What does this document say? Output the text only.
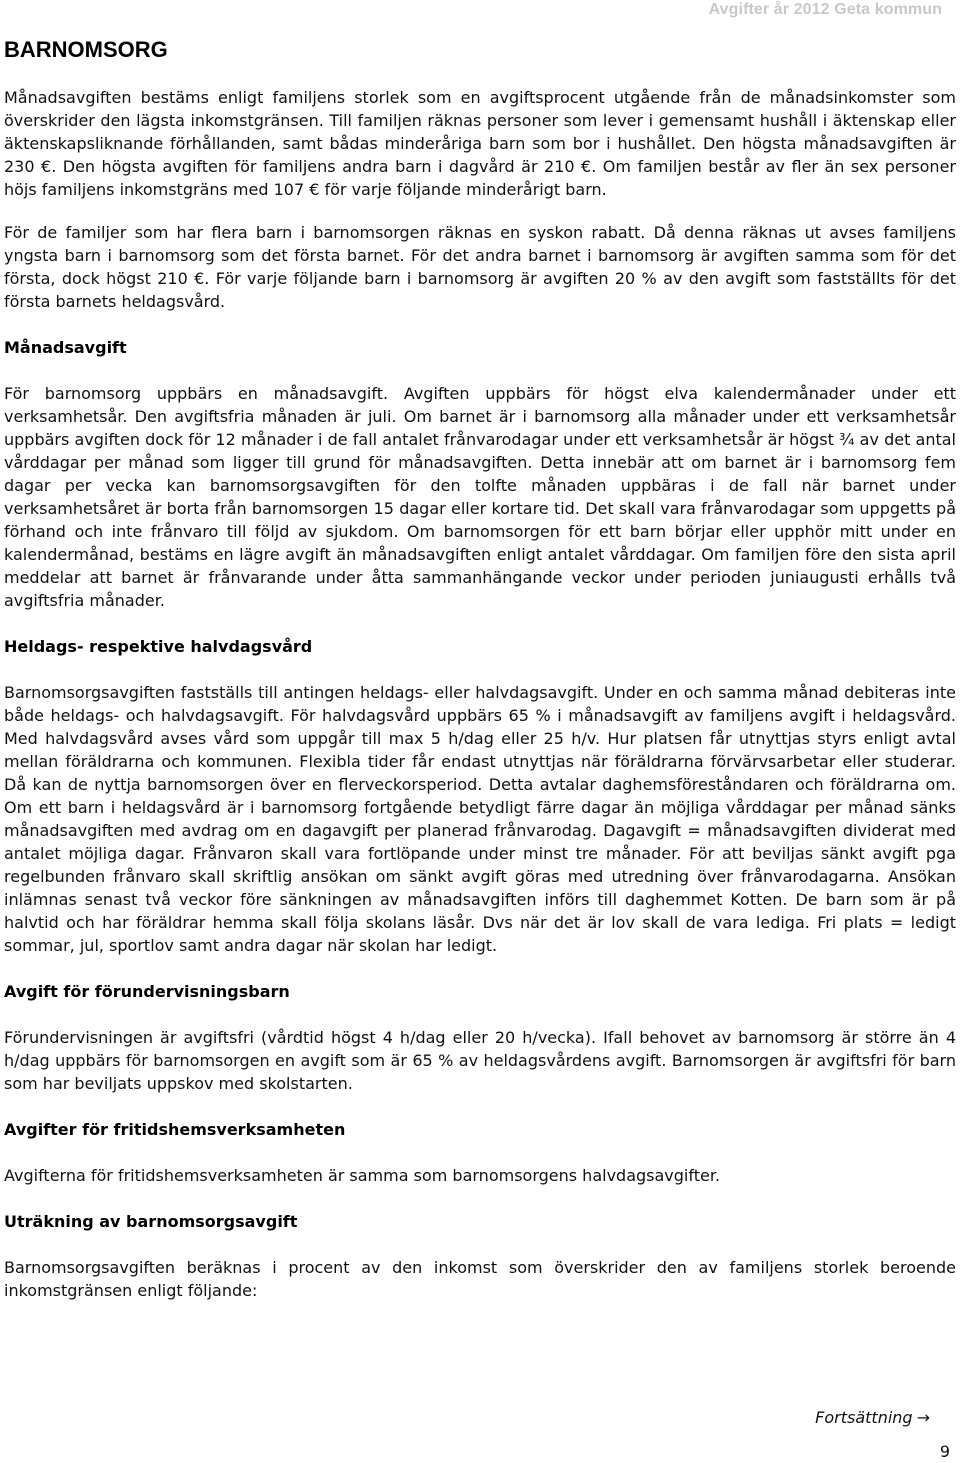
Avgifter år 2012 Geta kommun
BARNOMSORG

Månadsavgiften bestäms enligt familjens storlek som en avgiftsprocent utgående från de månadsinkomster som överskrider den lägsta inkomstgränsen. Till familjen räknas personer som lever i gemensamt hushåll i äktenskap eller äktenskapsliknande förhållanden, samt bådas minderåriga barn som bor i hushållet. Den högsta månadsavgiften är 230 €. Den högsta avgiften för familjens andra barn i dagvård är 210 €. Om familjen består av fler än sex personer höjs familjens inkomstgräns med 107 € för varje följande minderårigt barn.

För de familjer som har flera barn i barnomsorgen räknas en syskon rabatt. Då denna räknas ut avses familjens yngsta barn i barnomsorg som det första barnet. För det andra barnet i barnomsorg är avgiften samma som för det första, dock högst 210 €. För varje följande barn i barnomsorg är avgiften 20 % av den avgift som fastställts för det första barnets heldagsvård.

Månadsavgift

För barnomsorg uppbärs en månadsavgift. Avgiften uppbärs för högst elva kalendermånader under ett verksamhetsår. Den avgiftsfria månaden är juli. Om barnet är i barnomsorg alla månader under ett verksamhetsår uppbärs avgiften dock för 12 månader i de fall antalet frånvarodagar under ett verksamhetsår är högst ¾ av det antal vårddagar per månad som ligger till grund för månadsavgiften. Detta innebär att om barnet är i barnomsorg fem dagar per vecka kan barnomsorgsavgiften för den tolfte månaden uppbäras i de fall när barnet under verksamhetsåret är borta från barnomsorgen 15 dagar eller kortare tid. Det skall vara frånvarodagar som uppgetts på förhand och inte frånvaro till följd av sjukdom. Om barnomsorgen för ett barn börjar eller upphör mitt under en kalendermånad, bestäms en lägre avgift än månadsavgiften enligt antalet vårddagar. Om familjen före den sista april meddelar att barnet är frånvarande under åtta sammanhängande veckor under perioden juniaugusti erhålls två avgiftsfria månader.

Heldags- respektive halvdagsvård

Barnomsorgsavgiften fastställs till antingen heldags- eller halvdagsavgift. Under en och samma månad debiteras inte både heldags- och halvdagsavgift. För halvdagsvård uppbärs 65 % i månadsavgift av familjens avgift i heldagsvård. Med halvdagsvård avses vård som uppgår till max 5 h/dag eller 25 h/v. Hur platsen får utnyttjas styrs enligt avtal mellan föräldrarna och kommunen. Flexibla tider får endast utnyttjas när föräldrarna förvärvsarbetar eller studerar. Då kan de nyttja barnomsorgen över en flerveckorsperiod. Detta avtalar daghemsföreståndaren och föräldrarna om. Om ett barn i heldagsvård är i barnomsorg fortgående betydligt färre dagar än möjliga vårddagar per månad sänks månadsavgiften med avdrag om en dagavgift per planerad frånvarodag. Dagavgift = månadsavgiften dividerat med antalet möjliga dagar. Frånvaron skall vara fortlöpande under minst tre månader. För att beviljas sänkt avgift pga regelbunden frånvaro skall skriftlig ansökan om sänkt avgift göras med utredning över frånvarodagarna. Ansökan inlämnas senast två veckor före sänkningen av månadsavgiften införs till daghemmet Kotten. De barn som är på halvtid och har föräldrar hemma skall följa skolans läsår. Dvs när det är lov skall de vara lediga. Fri plats = ledigt sommar, jul, sportlov samt andra dagar när skolan har ledigt.

Avgift för förundervisningsbarn

Förundervisningen är avgiftsfri (vårdtid högst 4 h/dag eller 20 h/vecka). Ifall behovet av barnomsorg är större än 4 h/dag uppbärs för barnomsorgen en avgift som är 65 % av heldagsvårdens avgift. Barnomsorgen är avgiftsfri för barn som har beviljats uppskov med skolstarten.

Avgifter för fritidshemsverksamheten

Avgifterna för fritidshemsverksamheten är samma som barnomsorgens halvdagsavgifter.

Uträkning av barnomsorgsavgift

Barnomsorgsavgiften beräknas i procent av den inkomst som överskrider den av familjens storlek beroende inkomstgränsen enligt följande:

Fortsättning →
9
